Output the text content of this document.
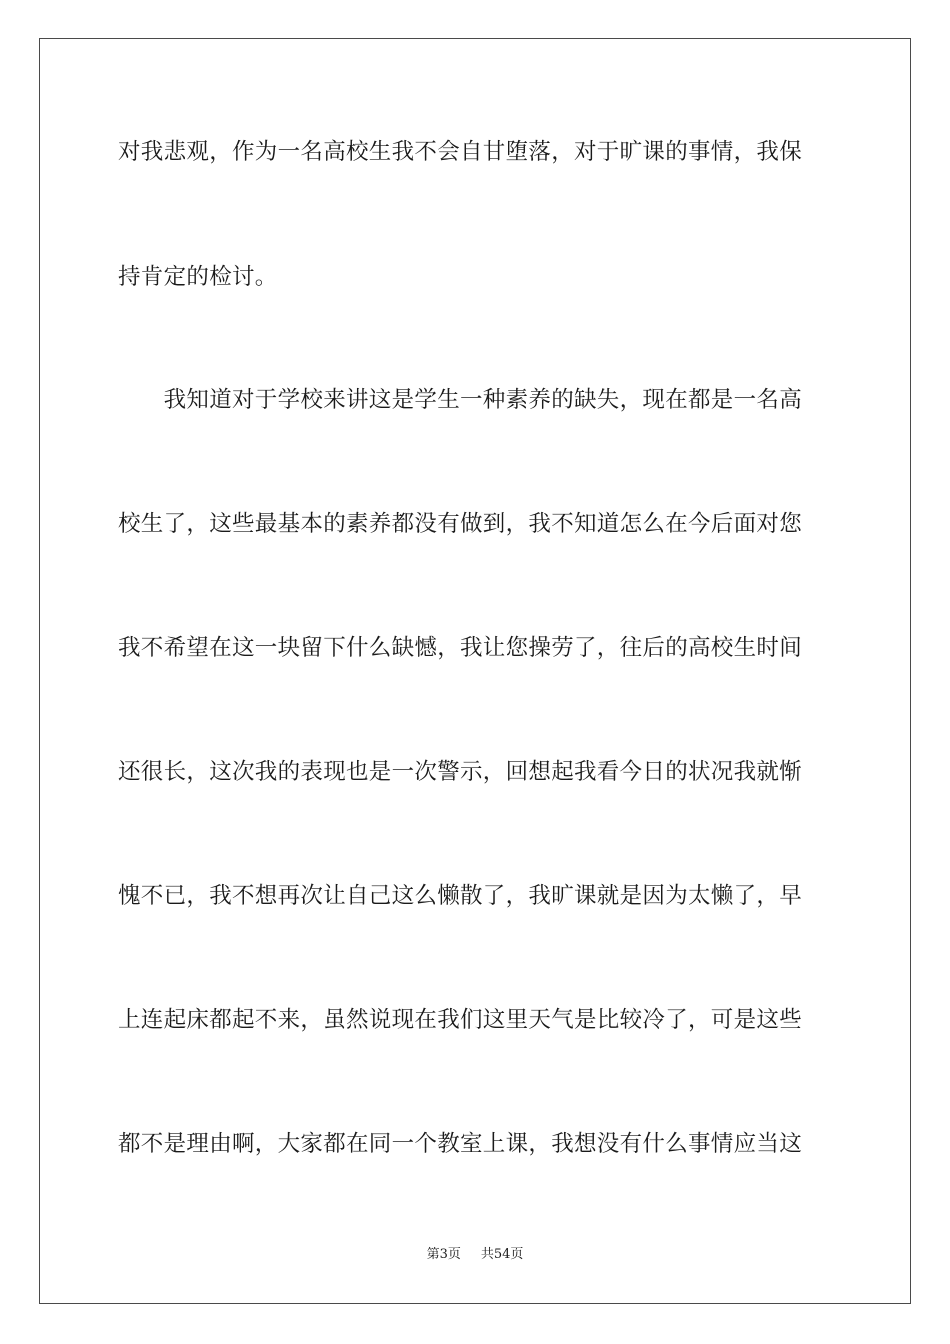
对我悲观，作为一名高校生我不会自甘堕落，对于旷课的事情，我保
持肯定的检讨。
　　我知道对于学校来讲这是学生一种素养的缺失，现在都是一名高
校生了，这些最基本的素养都没有做到，我不知道怎么在今后面对您
我不希望在这一块留下什么缺憾，我让您操劳了，往后的高校生时间
还很长，这次我的表现也是一次警示，回想起我看今日的状况我就惭
愧不已，我不想再次让自己这么懒散了，我旷课就是因为太懒了，早
上连起床都起不来，虽然说现在我们这里天气是比较冷了，可是这些
都不是理由啊，大家都在同一个教室上课，我想没有什么事情应当这
第3页 共54页
